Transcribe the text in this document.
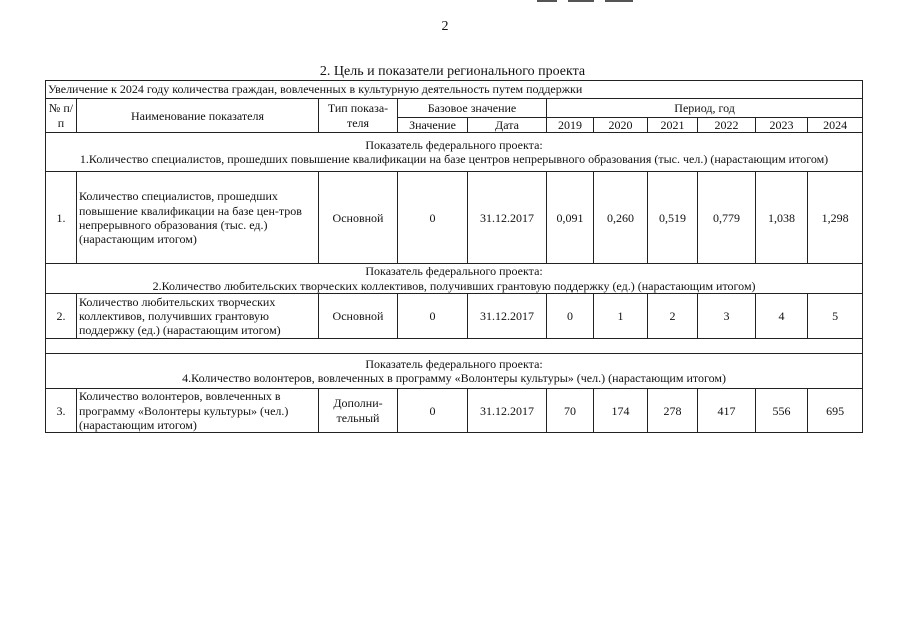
2
2. Цель и показатели регионального проекта
Увеличение к 2024 году количества граждан, вовлеченных в культурную деятельность путем поддержки										
№ п/п	Наименование показателя	Тип показа-теля	Базовое значение		Период, год					
			Значение	Дата	2019	2020	2021	2022	2023	2024

Показатель федерального проекта:
1.Количество специалистов, прошедших повышение квалификации на базе центров непрерывного образования (тыс. чел.) (нарастающим итогом)										

1.	Количество специалистов, прошедших повышение квалификации на базе цен-тров непрерывного образования (тыс. ед.) (нарастающим итогом)	Основной	0	31.12.2017	0,091	0,260	0,519	0,779	1,038	1,298

Показатель федерального проекта:
2.Количество любительских творческих коллективов, получивших грантовую поддержку (ед.) (нарастающим итогом)										

2.	Количество любительских творческих коллективов, получивших грантовую поддержку (ед.) (нарастающим итогом)	Основной	0	31.12.2017	0	1	2	3	4	5

Показатель федерального проекта:
4.Количество волонтеров, вовлеченных в программу «Волонтеры культуры» (чел.) (нарастающим итогом)										

3.	Количество волонтеров, вовлеченных в программу «Волонтеры культуры» (чел.) (нарастающим итогом)	Дополни-тельный	0	31.12.2017	70	174	278	417	556	695
